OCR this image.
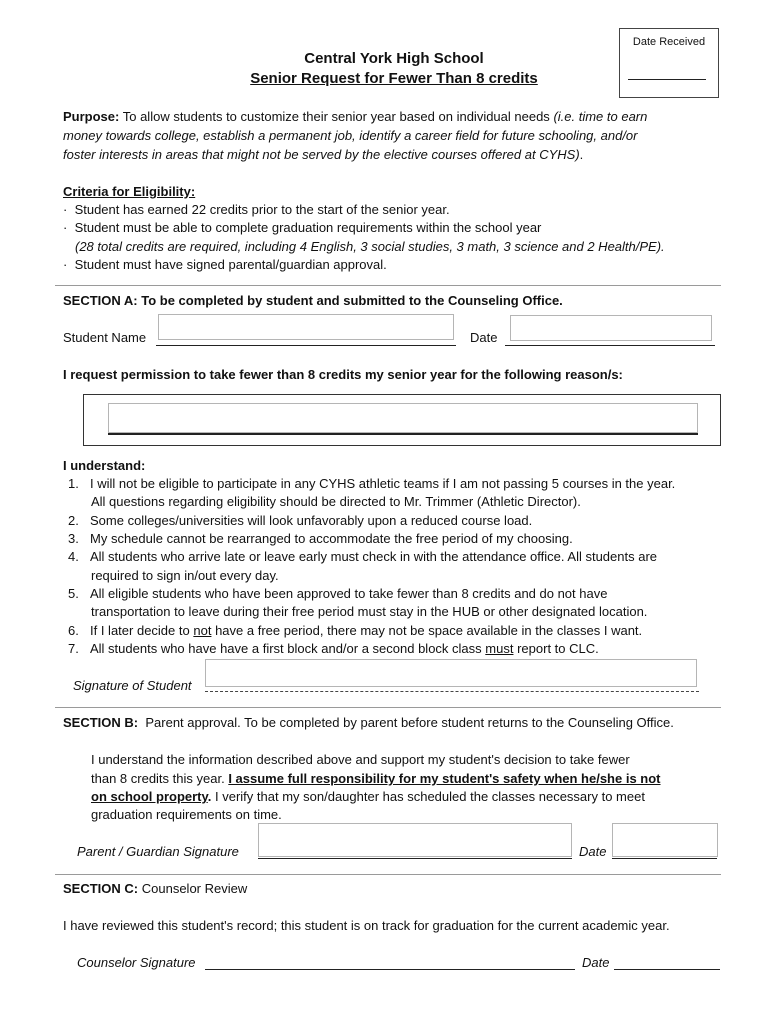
Date Received
Central York High School
Senior Request for Fewer Than 8 credits
Purpose: To allow students to customize their senior year based on individual needs (i.e. time to earn
money towards college, establish a permanent job, identify a career field for future schooling, and/or
foster interests in areas that might not be served by the elective courses offered at CYHS).
Criteria for Eligibility:
·  Student has earned 22 credits prior to the start of the senior year.
·  Student must be able to complete graduation requirements within the school year
(28 total credits are required, including 4 English, 3 social studies, 3 math, 3 science and 2 Health/PE).
·  Student must have signed parental/guardian approval.
SECTION A: To be completed by student and submitted to the Counseling Office.
Student Name	Date
I request permission to take fewer than 8 credits my senior year for the following reason/s:
I understand:
1. I will not be eligible to participate in any CYHS athletic teams if I am not passing 5 courses in the year.
All questions regarding eligibility should be directed to Mr. Trimmer (Athletic Director).
2. Some colleges/universities will look unfavorably upon a reduced course load.
3. My schedule cannot be rearranged to accommodate the free period of my choosing.
4. All students who arrive late or leave early must check in with the attendance office. All students are
required to sign in/out every day.
5. All eligible students who have been approved to take fewer than 8 credits and do not have
transportation to leave during their free period must stay in the HUB or other designated location.
6. If I later decide to not have a free period, there may not be space available in the classes I want.
7. All students who have have a first block and/or a second block class must report to CLC.
Signature of Student
SECTION B: Parent approval. To be completed by parent before student returns to the Counseling Office.
I understand the information described above and support my student's decision to take fewer
than 8 credits this year. I assume full responsibility for my student's safety when he/she is not
on school property. I verify that my son/daughter has scheduled the classes necessary to meet
graduation requirements on time.
Parent / Guardian Signature	Date
SECTION C: Counselor Review
I have reviewed this student's record; this student is on track for graduation for the current academic year.
Counselor Signature	Date
